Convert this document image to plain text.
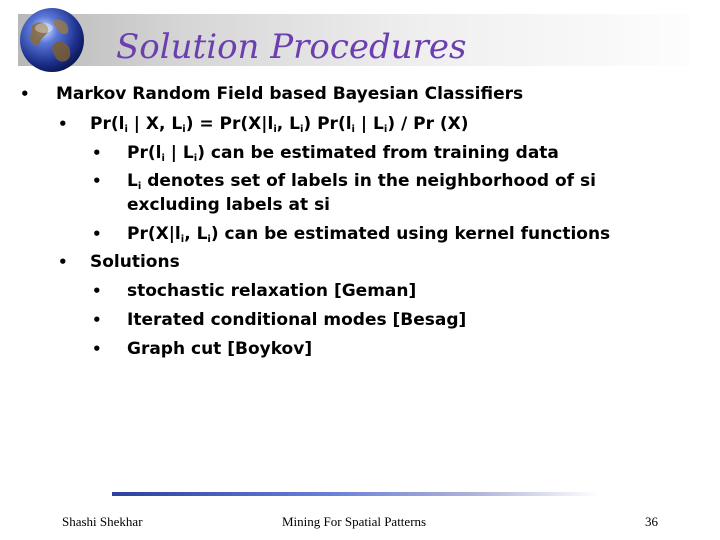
Solution Procedures
• Markov Random Field based Bayesian Classifiers
• $Pr(l_i$ | X, $L_i) = Pr(X|l_i$, $L_i$) $Pr(l_i$ | $L_i$) / Pr (X)
• $Pr(l_i$ | $L_i$) can be estimated from training data
• $L_i$ denotes set of labels in the neighborhood of si
excluding labels at si
• $Pr(X|l_i$, $L_i$) can be estimated using kernel functions
• Solutions
• stochastic relaxation [Geman]
• Iterated conditional modes [Besag]
• Graph cut [Boykov]
Shashi Shekhar	Mining For Spatial Patterns	36
